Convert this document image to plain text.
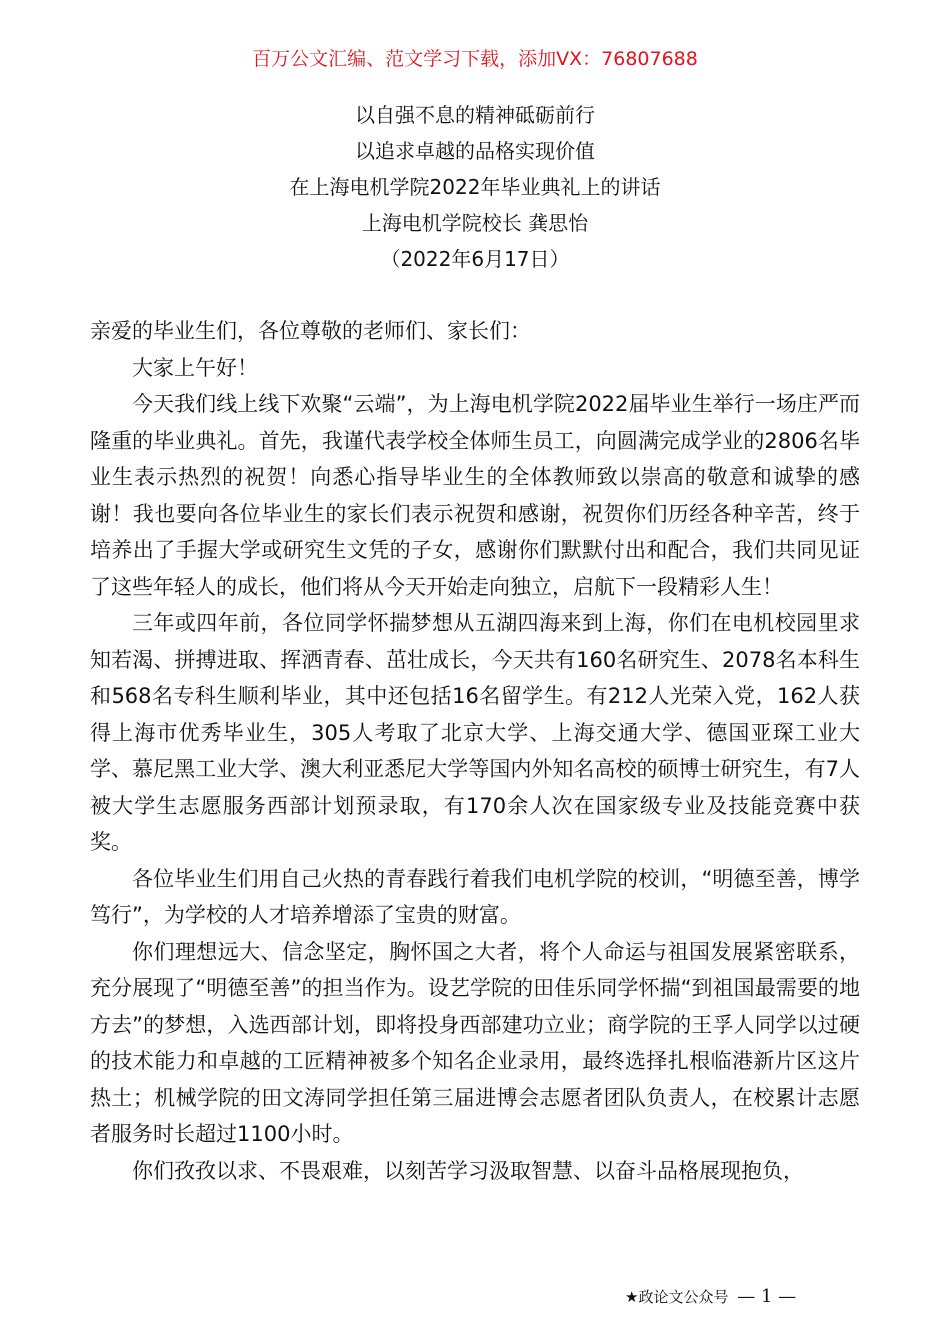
百万公文汇编、范文学习下载，添加VX：76807688
以自强不息的精神砥砺前行
以追求卓越的品格实现价值
在上海电机学院2022年毕业典礼上的讲话
上海电机学院校长 龚思怡
（2022年6月17日）

亲爱的毕业生们，各位尊敬的老师们、家长们：

大家上午好！

今天我们线上线下欢聚“云端”，为上海电机学院2022届毕业生举行一场庄严而隆重的毕业典礼。首先，我谨代表学校全体师生员工，向圆满完成学业的2806名毕业生表示热烈的祝贺！向悉心指导毕业生的全体教师致以崇高的敬意和诚挚的感谢！我也要向各位毕业生的家长们表示祝贺和感谢，祝贺你们历经各种辛苦，终于培养出了手握大学或研究生文凭的子女，感谢你们默默付出和配合，我们共同见证了这些年轻人的成长，他们将从今天开始走向独立，启航下一段精彩人生！

三年或四年前，各位同学怀揣梦想从五湖四海来到上海，你们在电机校园里求知若渴、拼搏进取、挥洒青春、茁壮成长，今天共有160名研究生、2078名本科生和568名专科生顺利毕业，其中还包括16名留学生。有212人光荣入党，162人获得上海市优秀毕业生，305人考取了北京大学、上海交通大学、德国亚琛工业大学、慕尼黑工业大学、澳大利亚悉尼大学等国内外知名高校的硕博士研究生，有7人被大学生志愿服务西部计划预录取，有170余人次在国家级专业及技能竞赛中获奖。

各位毕业生们用自己火热的青春践行着我们电机学院的校训，“明德至善，博学笃行”，为学校的人才培养增添了宝贵的财富。

你们理想远大、信念坚定，胸怀国之大者，将个人命运与祖国发展紧密联系，充分展现了“明德至善”的担当作为。设艺学院的田佳乐同学怀揣“到祖国最需要的地方去”的梦想，入选西部计划，即将投身西部建功立业；商学院的王孚人同学以过硬的技术能力和卓越的工匠精神被多个知名企业录用，最终选择扎根临港新片区这片热土；机械学院的田文涛同学担任第三届进博会志愿者团队负责人，在校累计志愿者服务时长超过1100小时。

你们孜孜以求、不畏艰难，以刻苦学习汲取智慧、以奋斗品格展现抱负，

★政论文公众号 — 1 —
